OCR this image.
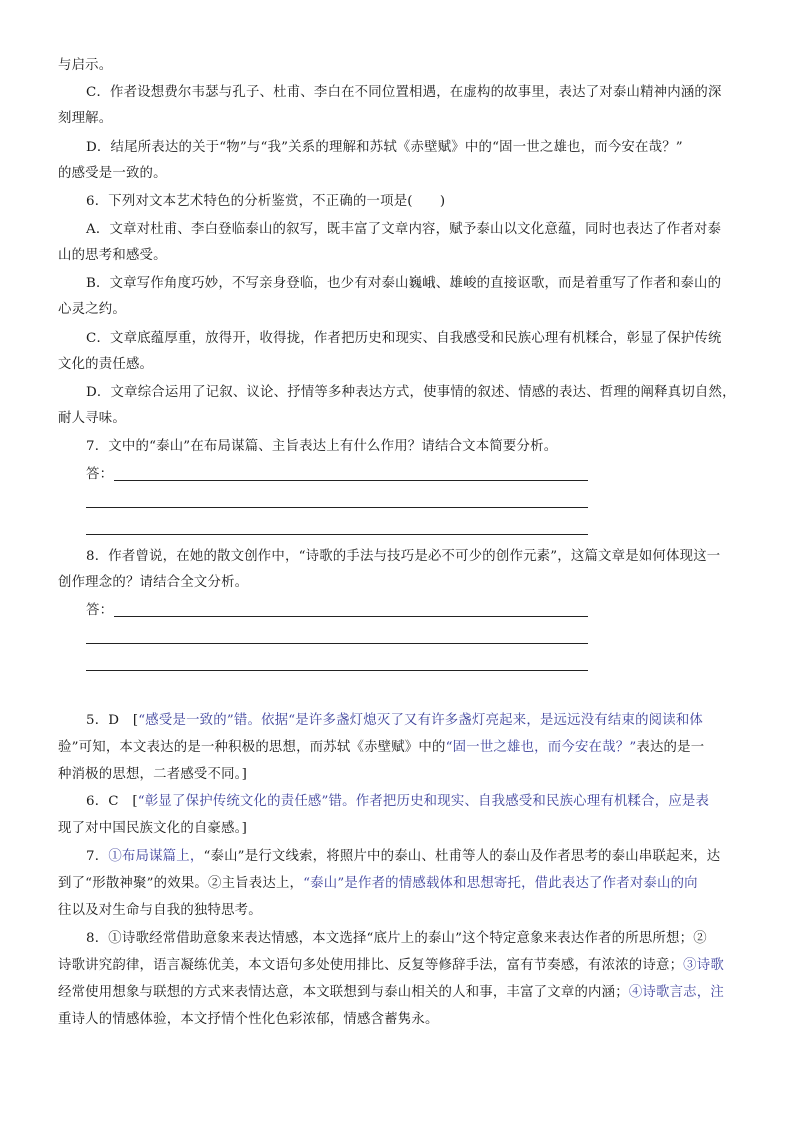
与启示。
C．作者设想费尔韦瑟与孔子、杜甫、李白在不同位置相遇，在虚构的故事里，表达了对泰山精神内涵的深
刻理解。
D．结尾所表达的关于“物”与“我”关系的理解和苏轼《赤壁赋》中的“固一世之雄也，而今安在哉？”
的感受是一致的。
6．下列对文本艺术特色的分析鉴赏，不正确的一项是(　　)
A．文章对杜甫、李白登临泰山的叙写，既丰富了文章内容，赋予泰山以文化意蕴，同时也表达了作者对泰
山的思考和感受。
B．文章写作角度巧妙，不写亲身登临，也少有对泰山巍峨、雄峻的直接讴歌，而是着重写了作者和泰山的
心灵之约。
C．文章底蕴厚重，放得开，收得拢，作者把历史和现实、自我感受和民族心理有机糅合，彰显了保护传统
文化的责任感。
D．文章综合运用了记叙、议论、抒情等多种表达方式，使事情的叙述、情感的表达、哲理的阐释真切自然，
耐人寻味。
7．文中的“泰山”在布局谋篇、主旨表达上有什么作用？请结合文本简要分析。
答：
8．作者曾说，在她的散文创作中，“诗歌的手法与技巧是必不可少的创作元素”，这篇文章是如何体现这一
创作理念的？请结合全文分析。
答：
5．D　[“感受是一致的”错。依据“是许多盏灯熄灭了又有许多盏灯亮起来，是远远没有结束的阅读和体
验”可知，本文表达的是一种积极的思想，而苏轼《赤壁赋》中的“固一世之雄也，而今安在哉？”表达的是一
种消极的思想，二者感受不同。]
6．C　[“彰显了保护传统文化的责任感”错。作者把历史和现实、自我感受和民族心理有机糅合，应是表
现了对中国民族文化的自豪感。]
7．①布局谋篇上，“泰山”是行文线索，将照片中的泰山、杜甫等人的泰山及作者思考的泰山串联起来，达
到了“形散神聚”的效果。②主旨表达上，“泰山”是作者的情感载体和思想寄托，借此表达了作者对泰山的向
往以及对生命与自我的独特思考。
8．①诗歌经常借助意象来表达情感，本文选择“底片上的泰山”这个特定意象来表达作者的所思所想；②
诗歌讲究韵律，语言凝练优美，本文语句多处使用排比、反复等修辞手法，富有节奏感，有浓浓的诗意；③诗歌
经常使用想象与联想的方式来表情达意，本文联想到与泰山相关的人和事，丰富了文章的内涵；④诗歌言志，注
重诗人的情感体验，本文抒情个性化色彩浓郁，情感含蓄隽永。
